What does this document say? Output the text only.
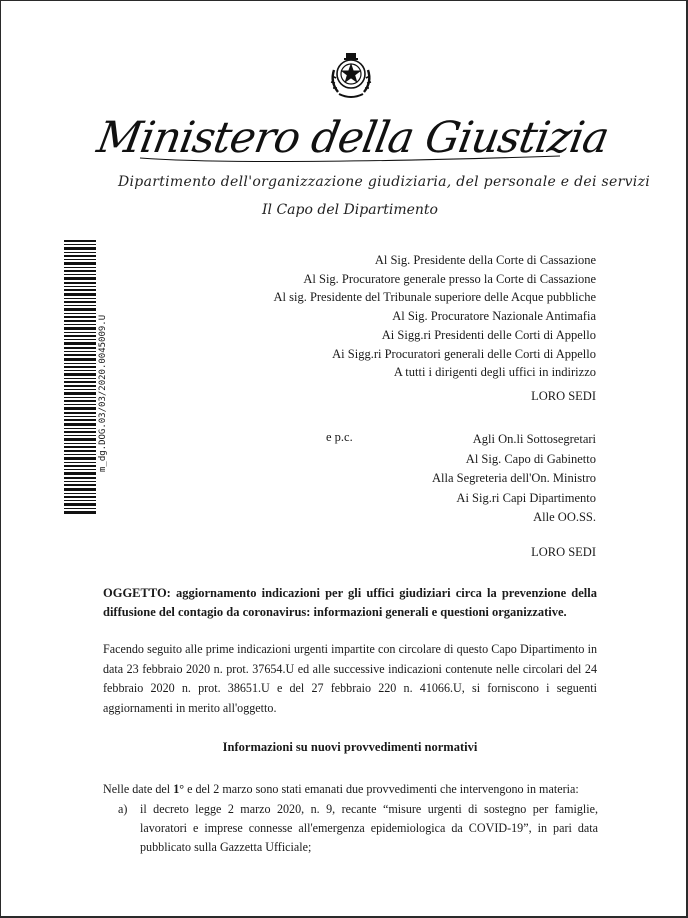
Ministero della Giustizia
Dipartimento dell'organizzazione giudiziaria, del personale e dei servizi
Il Capo del Dipartimento
m_dg.DOG.03/03/2020.0045009.U
Al Sig. Presidente della Corte di Cassazione
Al Sig. Procuratore generale presso la Corte di Cassazione
Al sig. Presidente del Tribunale superiore delle Acque pubbliche
Al Sig. Procuratore Nazionale Antimafia
Ai Sigg.ri Presidenti delle Corti di Appello
Ai Sigg.ri Procuratori generali delle Corti di Appello
A tutti i dirigenti degli uffici in indirizzo
LORO SEDI
e p.c.	Agli On.li Sottosegretari
Al Sig. Capo di Gabinetto
Alla Segreteria dell'On. Ministro
Ai Sig.ri Capi Dipartimento
Alle OO.SS.
LORO SEDI
OGGETTO: aggiornamento indicazioni per gli uffici giudiziari circa la prevenzione della diffusione del contagio da coronavirus: informazioni generali e questioni organizzative.
Facendo seguito alle prime indicazioni urgenti impartite con circolare di questo Capo Dipartimento in data 23 febbraio 2020 n. prot. 37654.U ed alle successive indicazioni contenute nelle circolari del 24 febbraio 2020 n. prot. 38651.U e del 27 febbraio 220 n. 41066.U, si forniscono i seguenti aggiornamenti in merito all'oggetto.
Informazioni su nuovi provvedimenti normativi
Nelle date del 1° e del 2 marzo sono stati emanati due provvedimenti che intervengono in materia:
a) il decreto legge 2 marzo 2020, n. 9, recante “misure urgenti di sostegno per famiglie, lavoratori e imprese connesse all'emergenza epidemiologica da COVID-19”, in pari data pubblicato sulla Gazzetta Ufficiale;
